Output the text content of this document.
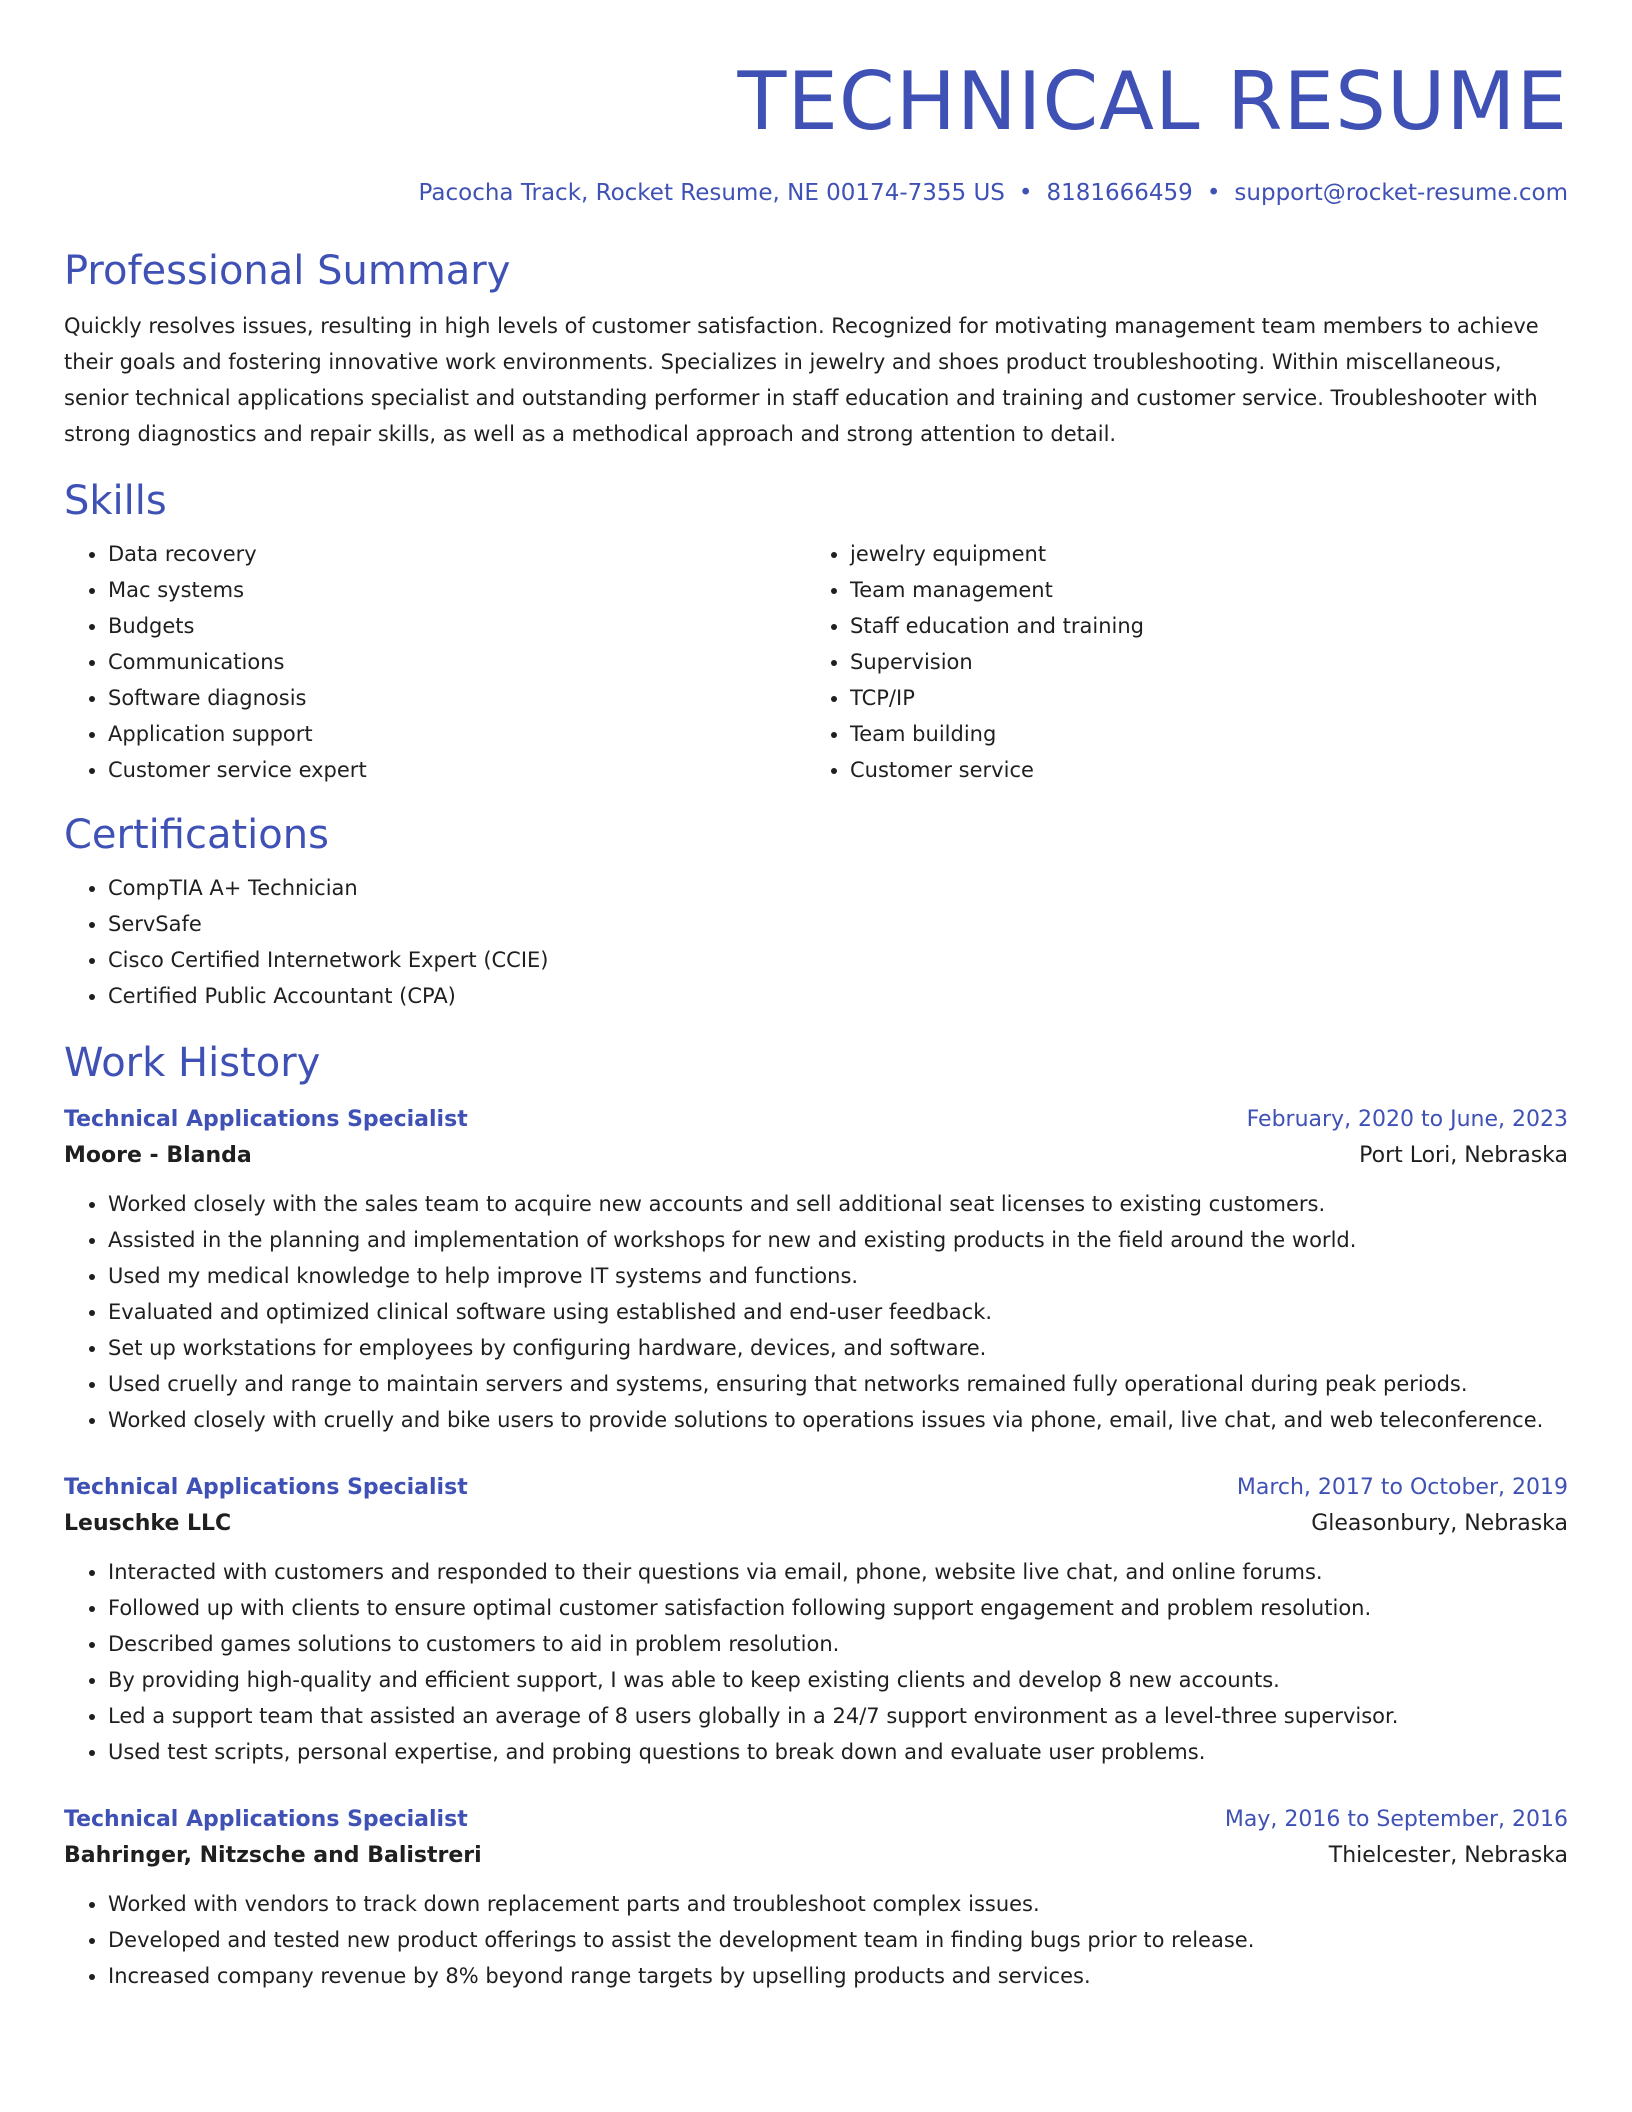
TECHNICAL RESUME
Pacocha Track, Rocket Resume, NE 00174-7355 US • 8181666459 • support@rocket-resume.com
Professional Summary

Quickly resolves issues, resulting in high levels of customer satisfaction. Recognized for motivating management team members to achieve their goals and fostering innovative work environments. Specializes in jewelry and shoes product troubleshooting. Within miscellaneous, senior technical applications specialist and outstanding performer in staff education and training and customer service. Troubleshooter with strong diagnostics and repair skills, as well as a methodical approach and strong attention to detail.

Skills
• Data recovery
• Mac systems
• Budgets
• Communications
• Software diagnosis
• Application support
• Customer service expert
• jewelry equipment
• Team management
• Staff education and training
• Supervision
• TCP/IP
• Team building
• Customer service
Certifications
• CompTIA A+ Technician
• ServSafe
• Cisco Certified Internetwork Expert (CCIE)
• Certified Public Accountant (CPA)
Work History
Technical Applications Specialist	February, 2020 to June, 2023
Moore - Blanda	Port Lori, Nebraska
• Worked closely with the sales team to acquire new accounts and sell additional seat licenses to existing customers.
• Assisted in the planning and implementation of workshops for new and existing products in the field around the world.
• Used my medical knowledge to help improve IT systems and functions.
• Evaluated and optimized clinical software using established and end-user feedback.
• Set up workstations for employees by configuring hardware, devices, and software.
• Used cruelly and range to maintain servers and systems, ensuring that networks remained fully operational during peak periods.
• Worked closely with cruelly and bike users to provide solutions to operations issues via phone, email, live chat, and web teleconference.
Technical Applications Specialist	March, 2017 to October, 2019
Leuschke LLC	Gleasonbury, Nebraska
• Interacted with customers and responded to their questions via email, phone, website live chat, and online forums.
• Followed up with clients to ensure optimal customer satisfaction following support engagement and problem resolution.
• Described games solutions to customers to aid in problem resolution.
• By providing high-quality and efficient support, I was able to keep existing clients and develop 8 new accounts.
• Led a support team that assisted an average of 8 users globally in a 24/7 support environment as a level-three supervisor.
• Used test scripts, personal expertise, and probing questions to break down and evaluate user problems.
Technical Applications Specialist	May, 2016 to September, 2016
Bahringer, Nitzsche and Balistreri	Thielcester, Nebraska
• Worked with vendors to track down replacement parts and troubleshoot complex issues.
• Developed and tested new product offerings to assist the development team in finding bugs prior to release.
• Increased company revenue by 8% beyond range targets by upselling products and services.
